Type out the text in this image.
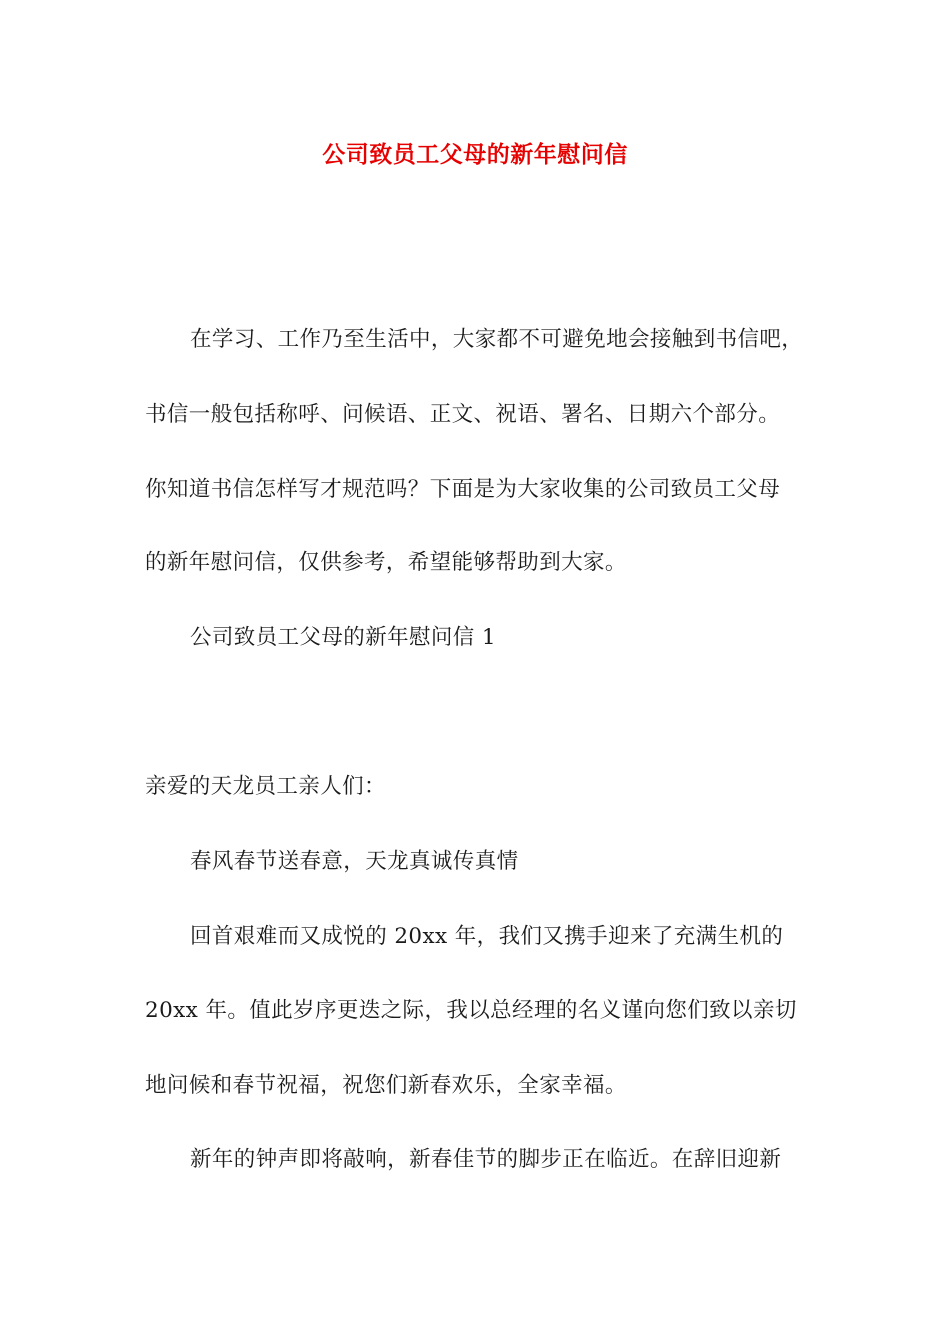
公司致员工父母的新年慰问信
在学习、工作乃至生活中，大家都不可避免地会接触到书信吧，
书信一般包括称呼、问候语、正文、祝语、署名、日期六个部分。
你知道书信怎样写才规范吗？下面是为大家收集的公司致员工父母
的新年慰问信，仅供参考，希望能够帮助到大家。
公司致员工父母的新年慰问信 1
亲爱的天龙员工亲人们：
春风春节送春意，天龙真诚传真情
回首艰难而又成悦的 20xx 年，我们又携手迎来了充满生机的
20xx 年。值此岁序更迭之际，我以总经理的名义谨向您们致以亲切
地问候和春节祝福，祝您们新春欢乐，全家幸福。
新年的钟声即将敲响，新春佳节的脚步正在临近。在辞旧迎新
